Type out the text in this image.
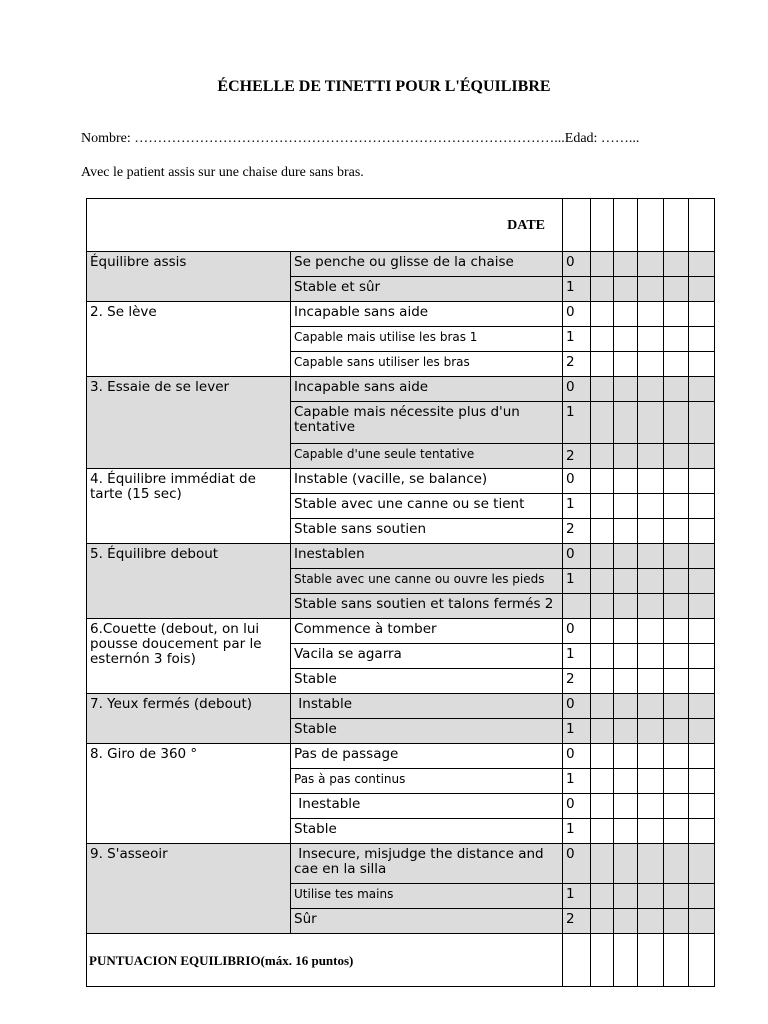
ÉCHELLE DE TINETTI POUR L'ÉQUILIBRE
Nombre: ………………………………………………………………………………...Edad: ……...
Avec le patient assis sur une chaise dure sans bras.
DATE							
Équilibre assis	Se penche ou glisse de la chaise	0					
	Stable et sûr	1					
2. Se lève	Incapable sans aide	0					
	Capable mais utilise les bras 1	1					
	Capable sans utiliser les bras	2					
3. Essaie de se lever	Incapable sans aide	0					
	Capable mais nécessite plus d'un tentative	1					
	Capable d'une seule tentative	2					
4. Équilibre immédiat de tarte (15 sec)	Instable (vacille, se balance)	0					
	Stable avec une canne ou se tient	1					
	Stable sans soutien	2					
5. Équilibre debout	Inestablen	0					
	Stable avec une canne ou ouvre les pieds	1					
	Stable sans soutien et talons fermés 2						
6.Couette (debout, on lui pousse doucement par le esternón 3 fois)	Commence à tomber	0					
	Vacila se agarra	1					
	Stable	2					
7. Yeux fermés (debout)	Instable	0					
	Stable	1					
8. Giro de 360 °	Pas de passage	0					
	Pas à pas continus	1					
	Inestable	0					
	Stable	1					
9. S'asseoir	Insecure, misjudge the distance and cae en la silla	0					
	Utilise tes mains	1					
	Sûr	2					
PUNTUACION EQUILIBRIO(máx. 16 puntos)							
